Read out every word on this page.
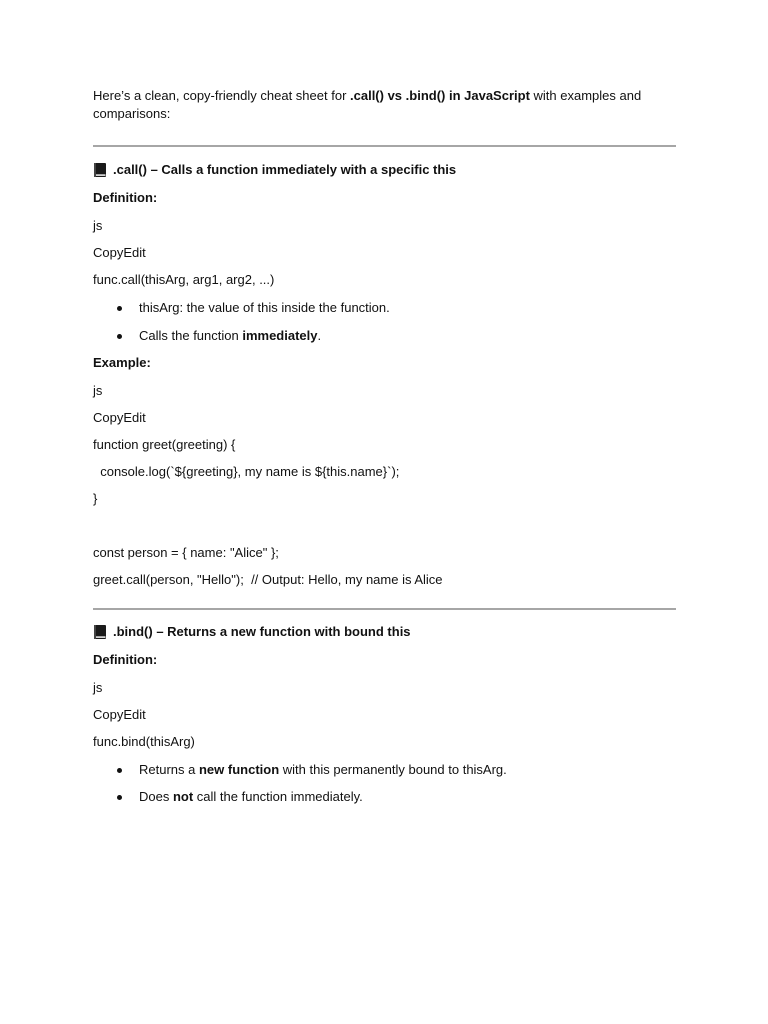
Here’s a clean, copy-friendly cheat sheet for .call() vs .bind() in JavaScript with examples and comparisons:

.call() – Calls a function immediately with a specific this

Definition:

js

CopyEdit

func.call(thisArg, arg1, arg2, ...)

thisArg: the value of this inside the function.
Calls the function immediately.

Example:

js

CopyEdit

function greet(greeting) {

console.log(`${greeting}, my name is ${this.name}`);

}

const person = { name: "Alice" };

greet.call(person, "Hello");  // Output: Hello, my name is Alice

.bind() – Returns a new function with bound this

Definition:

js

CopyEdit

func.bind(thisArg)

Returns a new function with this permanently bound to thisArg.
Does not call the function immediately.
